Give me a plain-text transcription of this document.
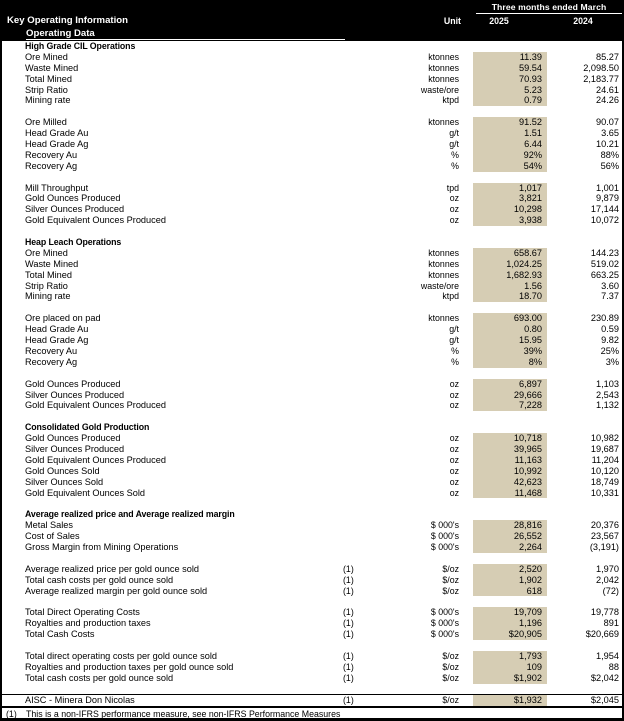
Three months ended March
Key Operating Information	Unit	2025	2024
Operating Data
High Grade CIL Operations
Ore Mined	ktonnes	11.39	85.27
Waste Mined	ktonnes	59.54	2,098.50
Total Mined	ktonnes	70.93	2,183.77
Strip Ratio	waste/ore	5.23	24.61
Mining rate	ktpd	0.79	24.26
Ore Milled	ktonnes	91.52	90.07
Head Grade Au	g/t	1.51	3.65
Head Grade Ag	g/t	6.44	10.21
Recovery Au	%	92%	88%
Recovery Ag	%	54%	56%
Mill Throughput	tpd	1,017	1,001
Gold Ounces Produced	oz	3,821	9,879
Silver Ounces Produced	oz	10,298	17,144
Gold Equivalent Ounces Produced	oz	3,938	10,072
Heap Leach Operations
Ore Mined	ktonnes	658.67	144.23
Waste Mined	ktonnes	1,024.25	519.02
Total Mined	ktonnes	1,682.93	663.25
Strip Ratio	waste/ore	1.56	3.60
Mining rate	ktpd	18.70	7.37
Ore placed on pad	ktonnes	693.00	230.89
Head Grade Au	g/t	0.80	0.59
Head Grade Ag	g/t	15.95	9.82
Recovery Au	%	39%	25%
Recovery Ag	%	8%	3%
Gold Ounces Produced	oz	6,897	1,103
Silver Ounces Produced	oz	29,666	2,543
Gold Equivalent Ounces Produced	oz	7,228	1,132
Consolidated Gold Production
Gold Ounces Produced	oz	10,718	10,982
Silver Ounces Produced	oz	39,965	19,687
Gold Equivalent Ounces Produced	oz	11,163	11,204
Gold Ounces Sold	oz	10,992	10,120
Silver Ounces Sold	oz	42,623	18,749
Gold Equivalent Ounces Sold	oz	11,468	10,331
Average realized price and Average realized margin
Metal Sales	$ 000's	28,816	20,376
Cost of Sales	$ 000's	26,552	23,567
Gross Margin from Mining Operations	$ 000's	2,264	(3,191)
Average realized price per gold ounce sold	(1)	$/oz	2,520	1,970
Total cash costs per gold ounce sold	(1)	$/oz	1,902	2,042
Average realized margin per gold ounce sold	(1)	$/oz	618	(72)
Total Direct Operating Costs	(1)	$ 000's	19,709	19,778
Royalties and production taxes	(1)	$ 000's	1,196	891
Total Cash Costs	(1)	$ 000's	$20,905	$20,669
Total direct operating costs per gold ounce sold	(1)	$/oz	1,793	1,954
Royalties and production taxes per gold ounce sold	(1)	$/oz	109	88
Total cash costs per gold ounce sold	(1)	$/oz	$1,902	$2,042
AISC - Minera Don Nicolas	(1)	$/oz	$1,932	$2,045
(1) This is a non-IFRS performance measure, see non-IFRS Performance Measures
